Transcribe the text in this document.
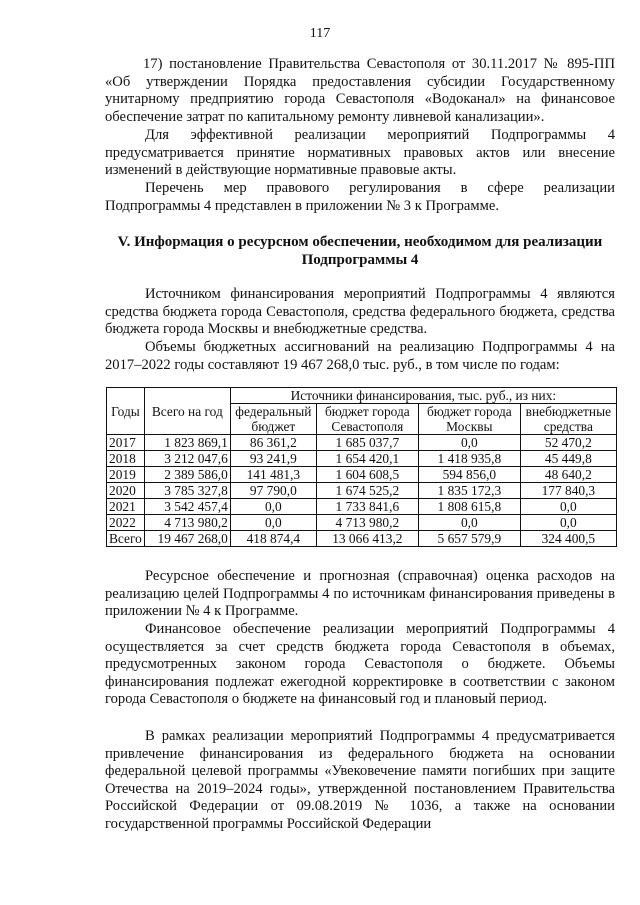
117

17) постановление Правительства Севастополя от 30.11.2017 № 895-ПП «Об утверждении Порядка предоставления субсидии Государственному унитарному предприятию города Севастополя «Водоканал» на финансовое обеспечение затрат по капитальному ремонту ливневой канализации».

Для эффективной реализации мероприятий Подпрограммы 4 предусматривается принятие нормативных правовых актов или внесение изменений в действующие нормативные правовые акты.

Перечень мер правового регулирования в сфере реализации Подпрограммы 4 представлен в приложении № 3 к Программе.

V. Информация о ресурсном обеспечении, необходимом для реализации

Подпрограммы 4

Источником финансирования мероприятий Подпрограммы 4 являются средства бюджета города Севастополя, средства федерального бюджета, средства бюджета города Москвы и внебюджетные средства.

Объемы бюджетных ассигнований на реализацию Подпрограммы 4 на 2017–2022 годы составляют 19 467 268,0 тыс. руб., в том числе по годам:

Годы	Всего на год	Источники финансирования, тыс. руб., из них:			
		федеральный бюджет	бюджет города Севастополя	бюджет города Москвы	внебюджетные средства
2017	1 823 869,1	86 361,2	1 685 037,7	0,0	52 470,2
2018	3 212 047,6	93 241,9	1 654 420,1	1 418 935,8	45 449,8
2019	2 389 586,0	141 481,3	1 604 608,5	594 856,0	48 640,2
2020	3 785 327,8	97 790,0	1 674 525,2	1 835 172,3	177 840,3
2021	3 542 457,4	0,0	1 733 841,6	1 808 615,8	0,0
2022	4 713 980,2	0,0	4 713 980,2	0,0	0,0
Всего	19 467 268,0	418 874,4	13 066 413,2	5 657 579,9	324 400,5

Ресурсное обеспечение и прогнозная (справочная) оценка расходов на реализацию целей Подпрограммы 4 по источникам финансирования приведены в приложении № 4 к Программе.

Финансовое обеспечение реализации мероприятий Подпрограммы 4 осуществляется за счет средств бюджета города Севастополя в объемах, предусмотренных законом города Севастополя о бюджете. Объемы финансирования подлежат ежегодной корректировке в соответствии с законом города Севастополя о бюджете на финансовый год и плановый период.

В рамках реализации мероприятий Подпрограммы 4 предусматривается привлечение финансирования из федерального бюджета на основании федеральной целевой программы «Увековечение памяти погибших при защите Отечества на 2019–2024 годы», утвержденной постановлением Правительства Российской Федерации от 09.08.2019 № 1036, а также на основании государственной программы Российской Федерации
